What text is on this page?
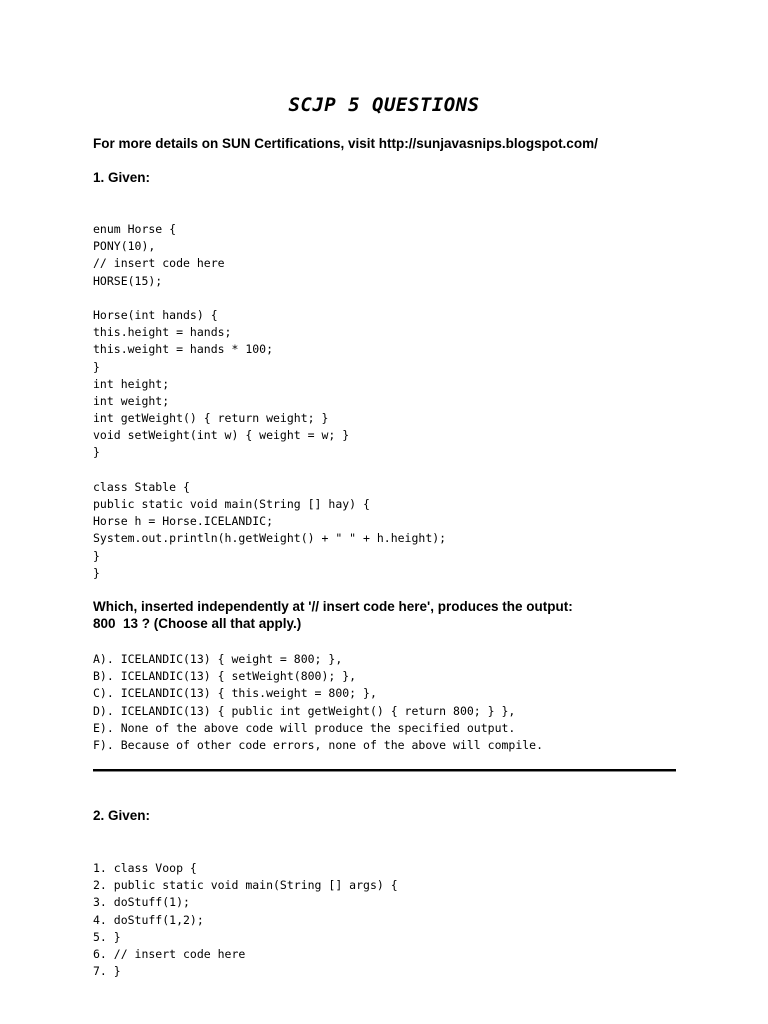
SCJP 5 QUESTIONS

For more details on SUN Certifications, visit http://sunjavasnips.blogspot.com/

1. Given:

enum Horse {
PONY(10),
// insert code here
HORSE(15);
Horse(int hands) {
this.height = hands;
this.weight = hands * 100;
}
int height;
int weight;
int getWeight() { return weight; }
void setWeight(int w) { weight = w; }
}
class Stable {
public static void main(String [] hay) {
Horse h = Horse.ICELANDIC;
System.out.println(h.getWeight() + " " + h.height);
}
}

Which, inserted independently at '// insert code here', produces the output:

800  13 ? (Choose all that apply.)

A). ICELANDIC(13) { weight = 800; },
B). ICELANDIC(13) { setWeight(800); },
C). ICELANDIC(13) { this.weight = 800; },
D). ICELANDIC(13) { public int getWeight() { return 800; } },
E). None of the above code will produce the specified output.
F). Because of other code errors, none of the above will compile.

2. Given:

1. class Voop {
2. public static void main(String [] args) {
3. doStuff(1);
4. doStuff(1,2);
5. }
6. // insert code here
7. }
